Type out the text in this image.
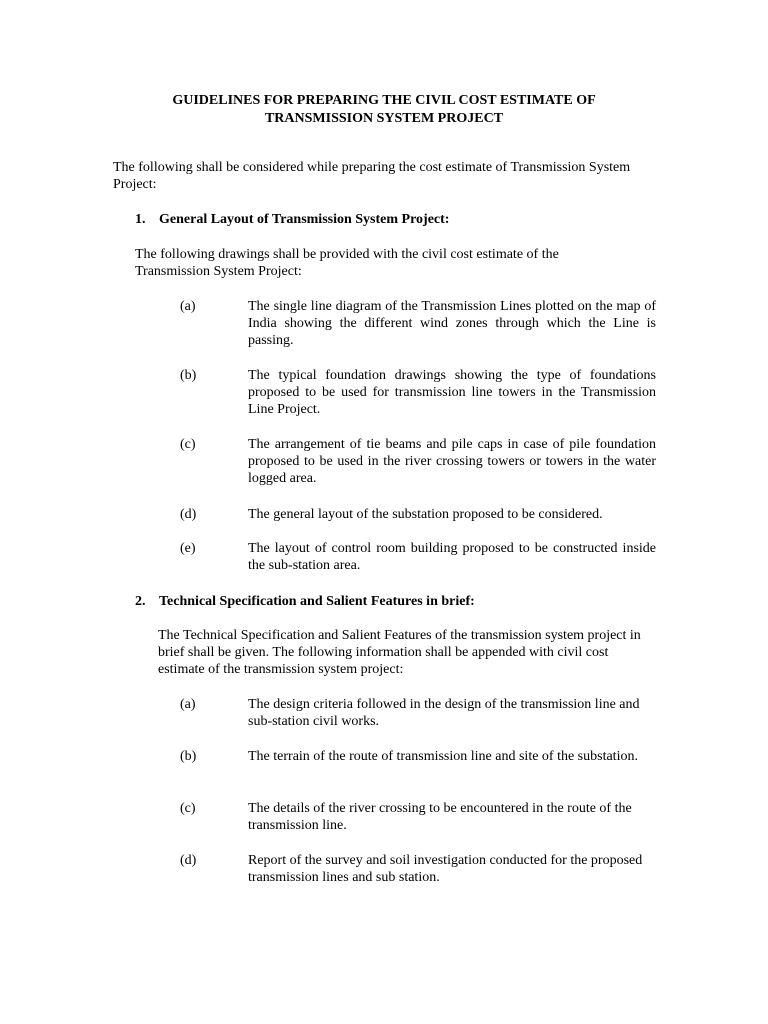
GUIDELINES FOR PREPARING THE CIVIL COST ESTIMATE OF
TRANSMISSION SYSTEM PROJECT
The following shall be considered while preparing the cost estimate of Transmission System Project:
1. General Layout of Transmission System Project:
The following drawings shall be provided with the civil cost estimate of the Transmission System Project:
(a)	The single line diagram of the Transmission Lines plotted on the map of India showing the different wind zones through which the Line is passing.
(b)	The typical foundation drawings showing the type of foundations proposed to be used for transmission line towers in the Transmission Line Project.
(c)	The arrangement of tie beams and pile caps in case of pile foundation proposed to be used in the river crossing towers or towers in the water logged area.
(d)	The general layout of the substation proposed to be considered.
(e)	The layout of control room building proposed to be constructed inside the sub-station area.
2. Technical Specification and Salient Features in brief:
The Technical Specification and Salient Features of the transmission system project in brief shall be given. The following information shall be appended with civil cost estimate of the transmission system project:
(a)	The design criteria followed in the design of the transmission line and sub-station civil works.
(b)	The terrain of the route of transmission line and site of the substation.
(c)	The details of the river crossing to be encountered in the route of the transmission line.
(d)	Report of the survey and soil investigation conducted for the proposed transmission lines and sub station.
